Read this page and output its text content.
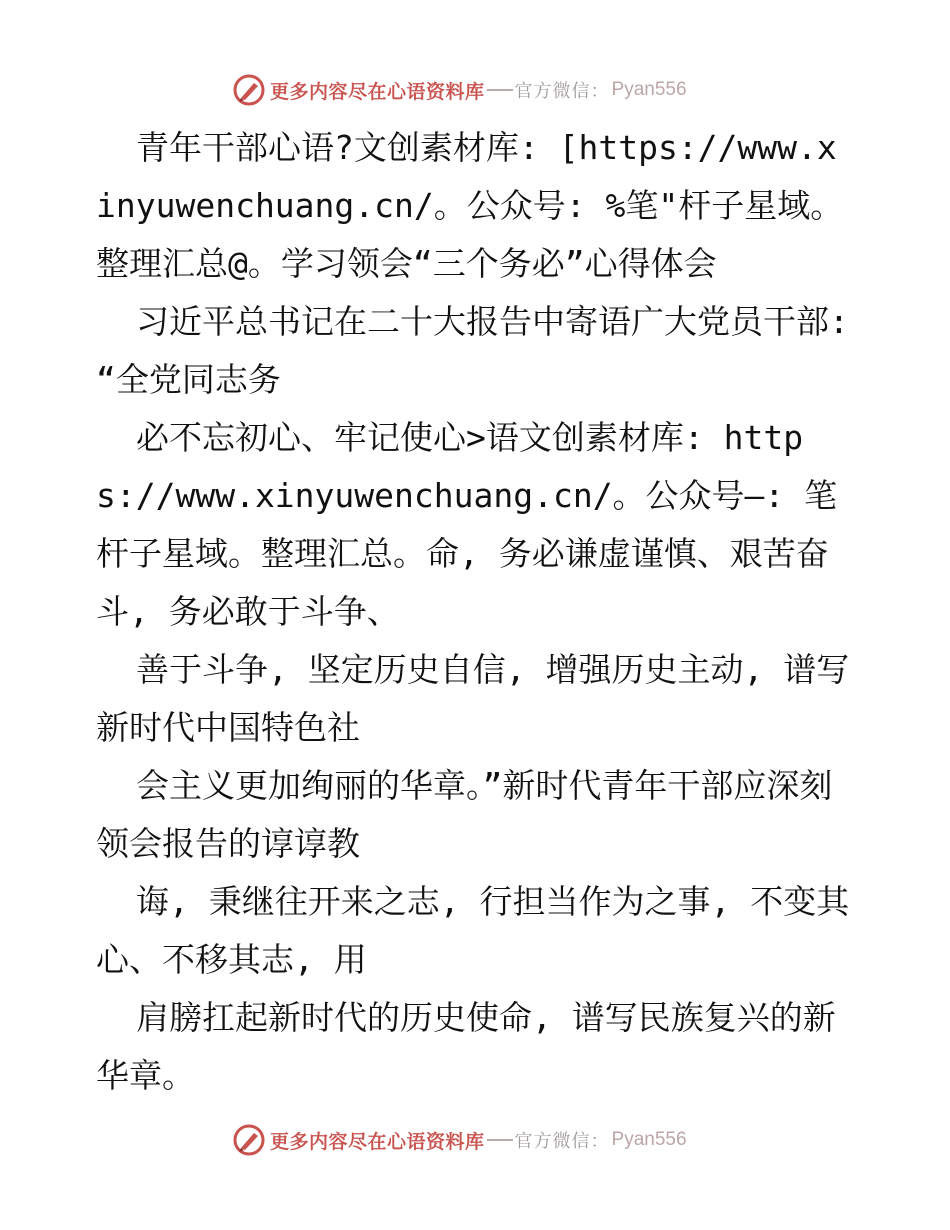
更多内容尽在心语资料库 官方微信： Pyan556

青年干部心语?文创素材库: [https://www.xinyuwenchuang.cn/。公众号: %笔"杆子星域。整理汇总@。学习领会“三个务必”心得体会

习近平总书记在二十大报告中寄语广大党员干部: “全党同志务

必不忘初心、牢记使心>语文创素材库: https://www.xinyuwenchuang.cn/。公众号—: 笔杆子星域。整理汇总。命, 务必谦虚谨慎、艰苦奋斗, 务必敢于斗争、

善于斗争, 坚定历史自信, 增强历史主动, 谱写新时代中国特色社

会主义更加绚丽的华章。”新时代青年干部应深刻领会报告的谆谆教

诲, 秉继往开来之志, 行担当作为之事, 不变其心、不移其志, 用

肩膀扛起新时代的历史使命, 谱写民族复兴的新华章。

更多内容尽在心语资料库 官方微信： Pyan556
